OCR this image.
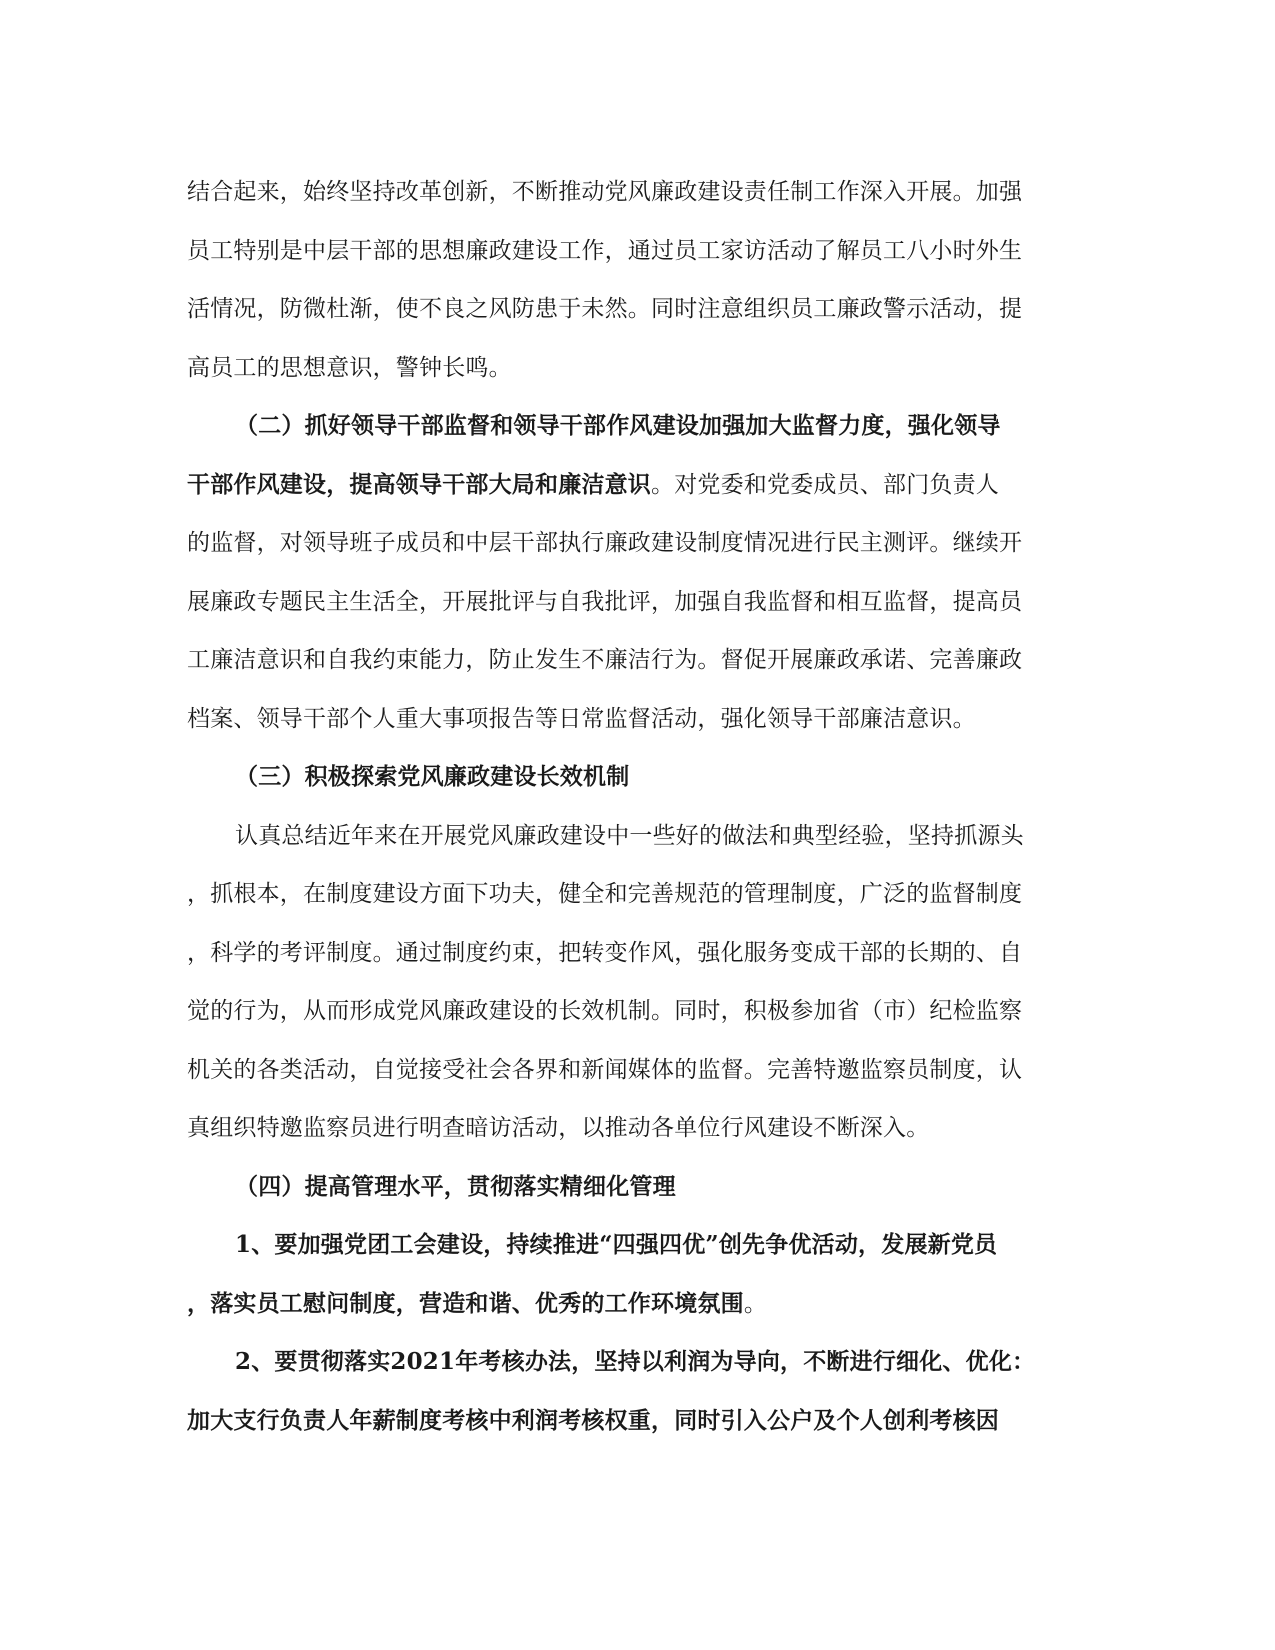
结合起来，始终坚持改革创新，不断推动党风廉政建设责任制工作深入开展。加强
员工特别是中层干部的思想廉政建设工作，通过员工家访活动了解员工八小时外生
活情况，防微杜渐，使不良之风防患于未然。同时注意组织员工廉政警示活动，提
高员工的思想意识，警钟长鸣。
（二）抓好领导干部监督和领导干部作风建设加强加大监督力度，强化领导
干部作风建设，提高领导干部大局和廉洁意识。对党委和党委成员、部门负责人
的监督，对领导班子成员和中层干部执行廉政建设制度情况进行民主测评。继续开
展廉政专题民主生活全，开展批评与自我批评，加强自我监督和相互监督，提高员
工廉洁意识和自我约束能力，防止发生不廉洁行为。督促开展廉政承诺、完善廉政
档案、领导干部个人重大事项报告等日常监督活动，强化领导干部廉洁意识。
（三）积极探索党风廉政建设长效机制
认真总结近年来在开展党风廉政建设中一些好的做法和典型经验，坚持抓源头
，抓根本，在制度建设方面下功夫，健全和完善规范的管理制度，广泛的监督制度
，科学的考评制度。通过制度约束，把转变作风，强化服务变成干部的长期的、自
觉的行为，从而形成党风廉政建设的长效机制。同时，积极参加省（市）纪检监察
机关的各类活动，自觉接受社会各界和新闻媒体的监督。完善特邀监察员制度，认
真组织特邀监察员进行明查暗访活动，以推动各单位行风建设不断深入。
（四）提高管理水平，贯彻落实精细化管理
1、要加强党团工会建设，持续推进“四强四优”创先争优活动，发展新党员
，落实员工慰问制度，营造和谐、优秀的工作环境氛围。
2、要贯彻落实2021年考核办法，坚持以利润为导向，不断进行细化、优化：
加大支行负责人年薪制度考核中利润考核权重，同时引入公户及个人创利考核因
